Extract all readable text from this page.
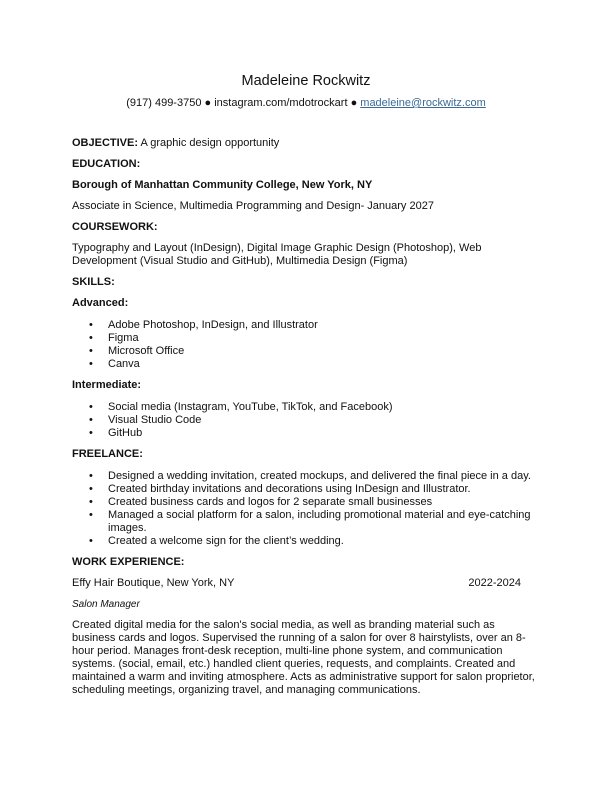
Madeleine Rockwitz
(917) 499-3750 ● instagram.com/mdotrockart ● madeleine@rockwitz.com

OBJECTIVE: A graphic design opportunity

EDUCATION:

Borough of Manhattan Community College, New York, NY

Associate in Science, Multimedia Programming and Design- January 2027

COURSEWORK:

Typography and Layout (InDesign), Digital Image Graphic Design (Photoshop), Web Development (Visual Studio and GitHub), Multimedia Design (Figma)

SKILLS:

Advanced:

• Adobe Photoshop, InDesign, and Illustrator
• Figma
• Microsoft Office
• Canva

Intermediate:

• Social media (Instagram, YouTube, TikTok, and Facebook)
• Visual Studio Code
• GitHub

FREELANCE:

• Designed a wedding invitation, created mockups, and delivered the final piece in a day.
• Created birthday invitations and decorations using InDesign and Illustrator.
• Created business cards and logos for 2 separate small businesses
• Managed a social platform for a salon, including promotional material and eye-catching images.
• Created a welcome sign for the client’s wedding.

WORK EXPERIENCE:

Effy Hair Boutique, New York, NY	2022-2024

Salon Manager

Created digital media for the salon's social media, as well as branding material such as business cards and logos. Supervised the running of a salon for over 8 hairstylists, over an 8-hour period. Manages front-desk reception, multi-line phone system, and communication systems. (social, email, etc.) handled client queries, requests, and complaints. Created and maintained a warm and inviting atmosphere. Acts as administrative support for salon proprietor, scheduling meetings, organizing travel, and managing communications.
